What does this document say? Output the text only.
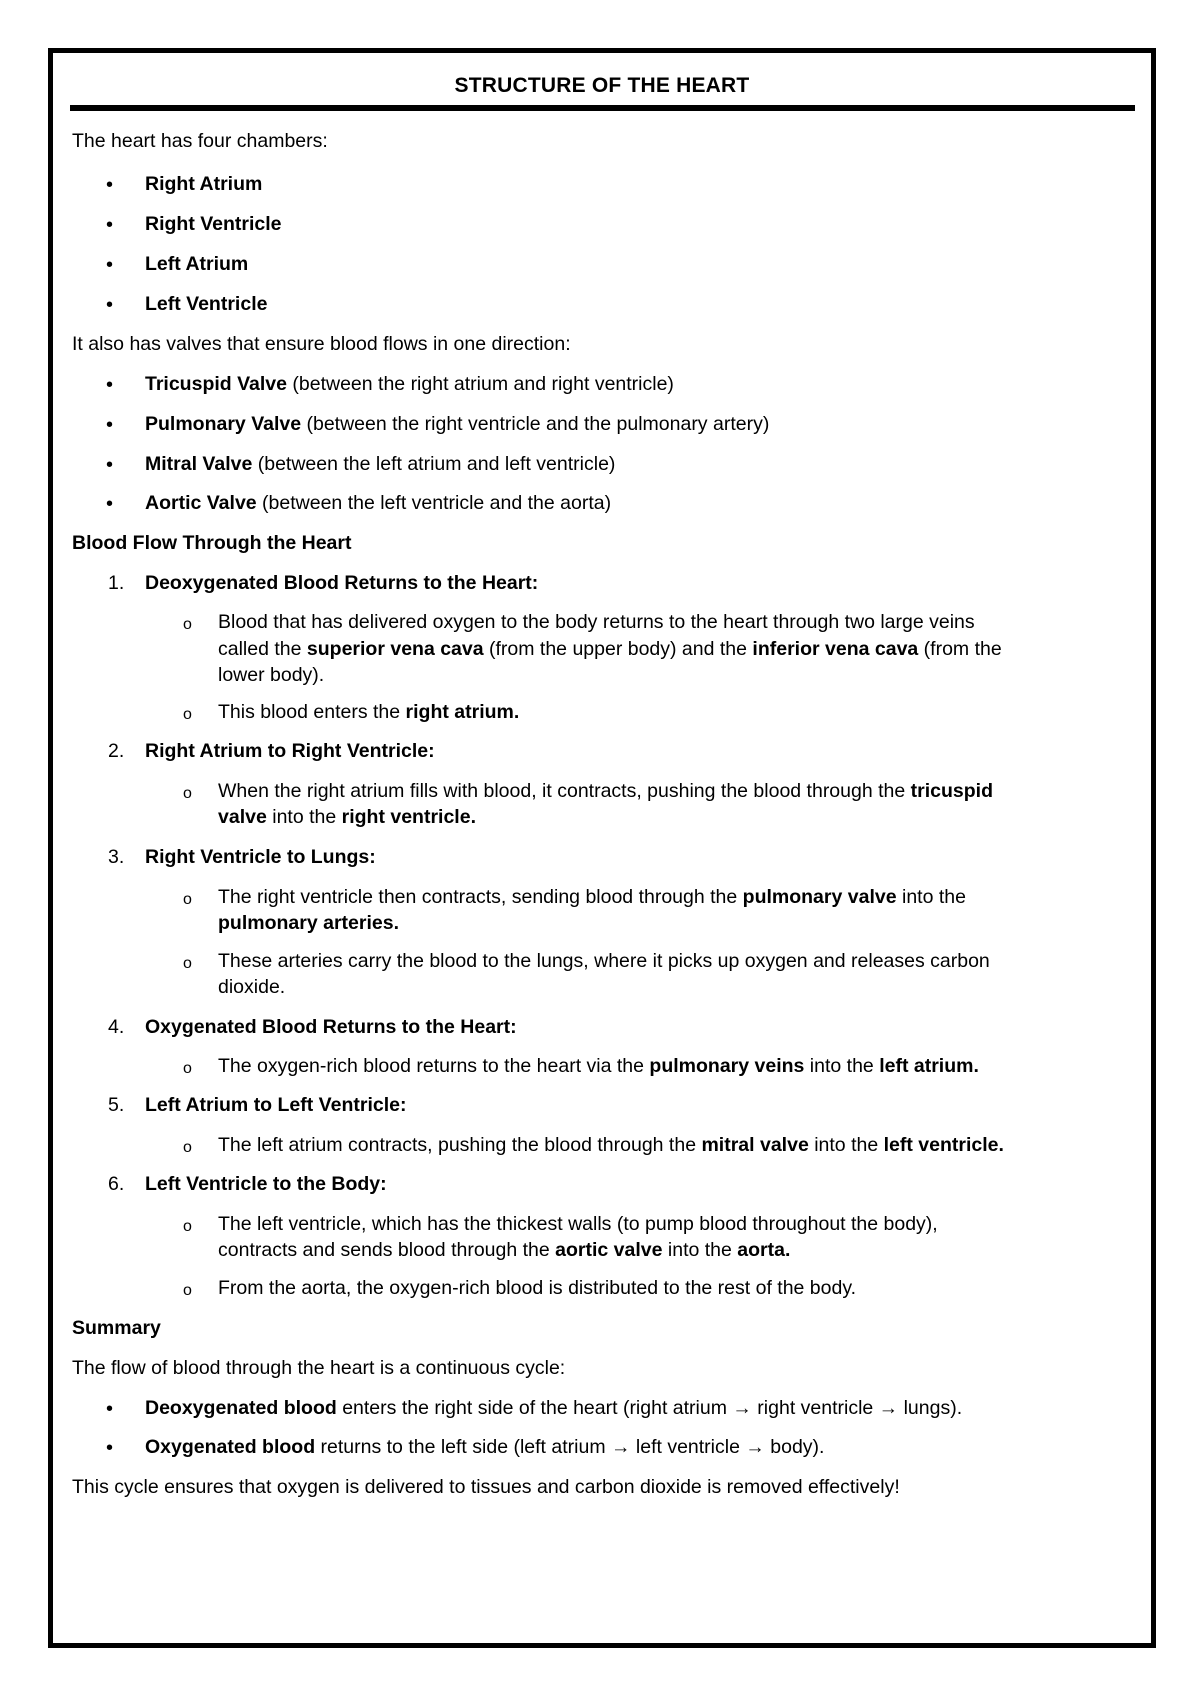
STRUCTURE OF THE HEART
The heart has four chambers:
• Right Atrium
• Right Ventricle
• Left Atrium
• Left Ventricle
It also has valves that ensure blood flows in one direction:
• Tricuspid Valve (between the right atrium and right ventricle)
• Pulmonary Valve (between the right ventricle and the pulmonary artery)
• Mitral Valve (between the left atrium and left ventricle)
• Aortic Valve (between the left ventricle and the aorta)
Blood Flow Through the Heart
1. Deoxygenated Blood Returns to the Heart:
o Blood that has delivered oxygen to the body returns to the heart through two large veins
called the superior vena cava (from the upper body) and the inferior vena cava (from the
lower body).
o This blood enters the right atrium.
2. Right Atrium to Right Ventricle:
o When the right atrium fills with blood, it contracts, pushing the blood through the tricuspid
valve into the right ventricle.
3. Right Ventricle to Lungs:
o The right ventricle then contracts, sending blood through the pulmonary valve into the
pulmonary arteries.
o These arteries carry the blood to the lungs, where it picks up oxygen and releases carbon
dioxide.
4. Oxygenated Blood Returns to the Heart:
o The oxygen-rich blood returns to the heart via the pulmonary veins into the left atrium.
5. Left Atrium to Left Ventricle:
o The left atrium contracts, pushing the blood through the mitral valve into the left ventricle.
6. Left Ventricle to the Body:
o The left ventricle, which has the thickest walls (to pump blood throughout the body),
contracts and sends blood through the aortic valve into the aorta.
o From the aorta, the oxygen-rich blood is distributed to the rest of the body.
Summary
The flow of blood through the heart is a continuous cycle:
• Deoxygenated blood enters the right side of the heart (right atrium → right ventricle → lungs).
• Oxygenated blood returns to the left side (left atrium → left ventricle → body).
This cycle ensures that oxygen is delivered to tissues and carbon dioxide is removed effectively!
